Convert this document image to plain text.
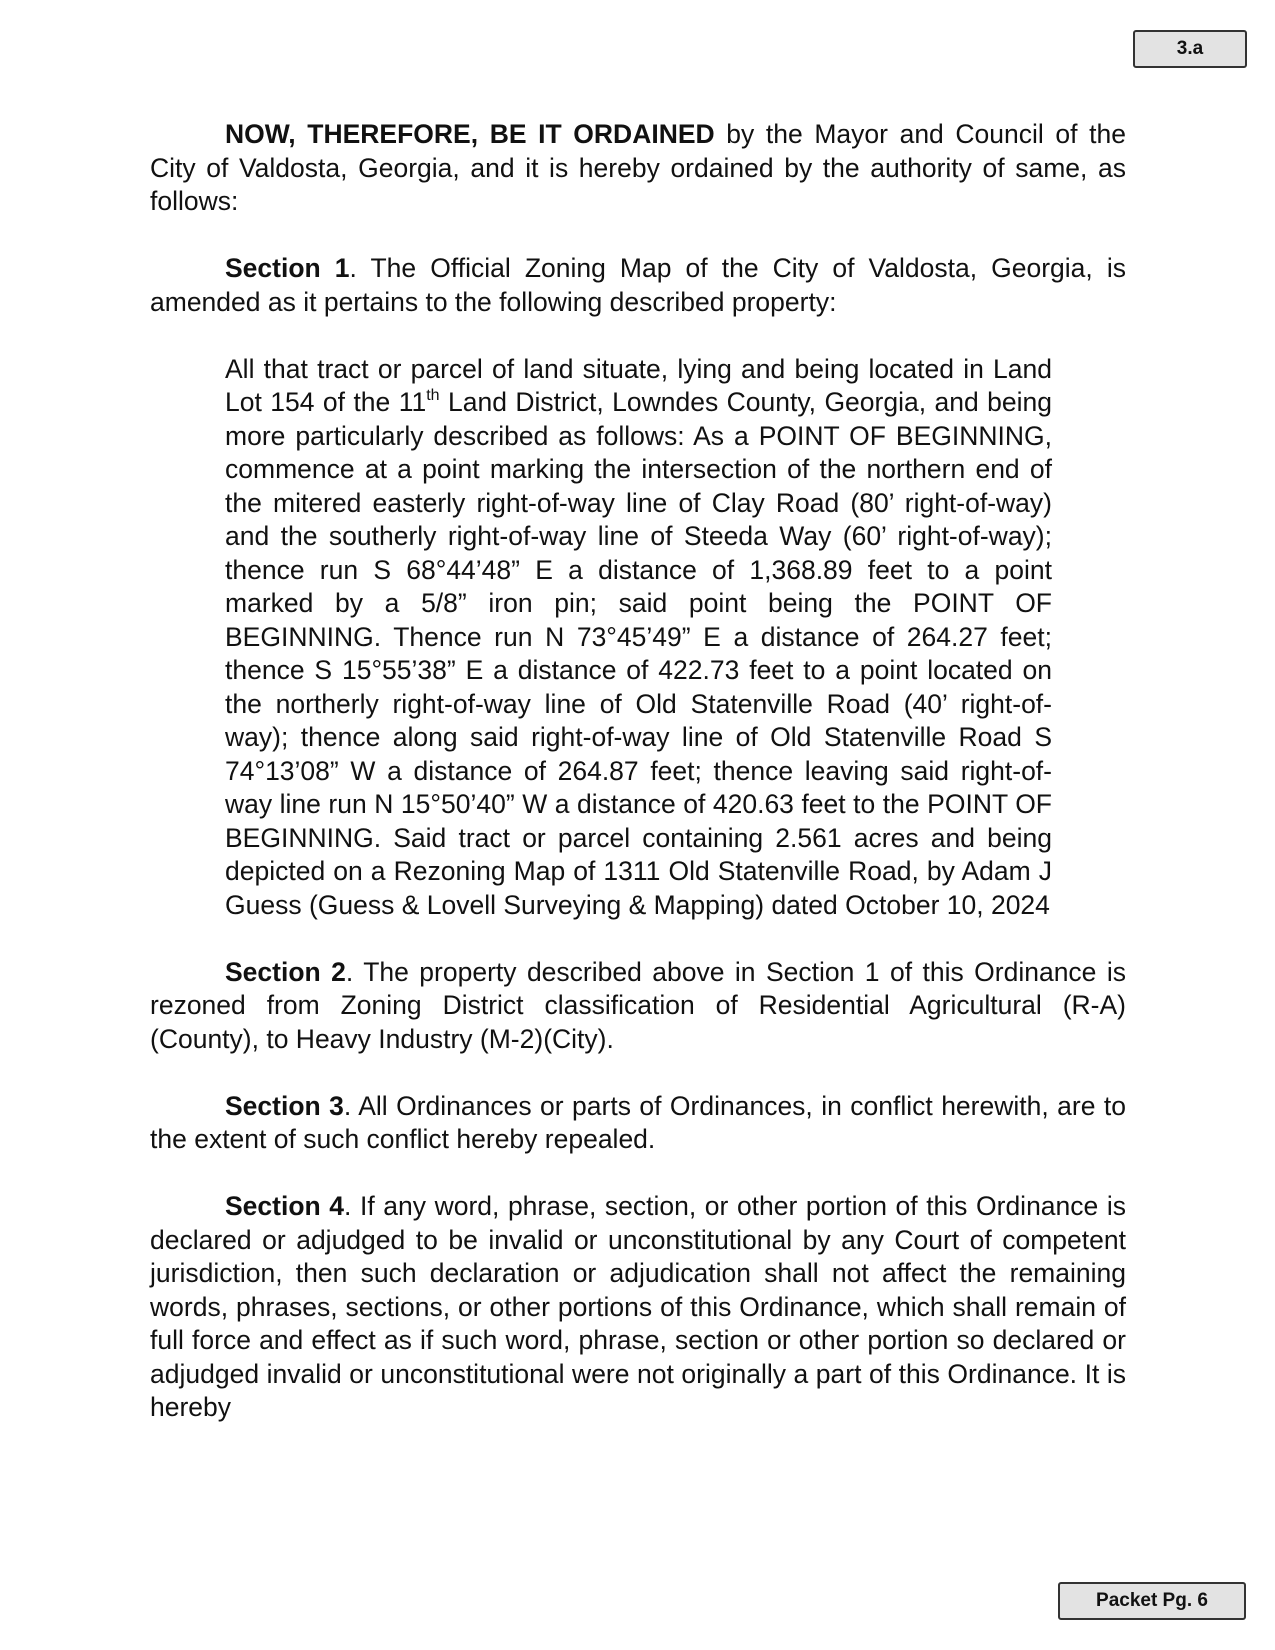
3.a

NOW, THEREFORE, BE IT ORDAINED by the Mayor and Council of the City of Valdosta, Georgia, and it is hereby ordained by the authority of same, as follows:

Section 1. The Official Zoning Map of the City of Valdosta, Georgia, is amended as it pertains to the following described property:

All that tract or parcel of land situate, lying and being located in Land Lot 154 of the 11th Land District, Lowndes County, Georgia, and being more particularly described as follows: As a POINT OF BEGINNING, commence at a point marking the intersection of the northern end of the mitered easterly right-of-way line of Clay Road (80’ right-of-way) and the southerly right-of-way line of Steeda Way (60’ right-of-way); thence run S 68°44’48” E a distance of 1,368.89 feet to a point marked by a 5/8” iron pin; said point being the POINT OF BEGINNING. Thence run N 73°45’49” E a distance of 264.27 feet; thence S 15°55’38” E a distance of 422.73 feet to a point located on the northerly right-of-way line of Old Statenville Road (40’ right-of-way); thence along said right-of-way line of Old Statenville Road S 74°13’08” W a distance of 264.87 feet; thence leaving said right-of-way line run N 15°50’40” W a distance of 420.63 feet to the POINT OF BEGINNING. Said tract or parcel containing 2.561 acres and being depicted on a Rezoning Map of 1311 Old Statenville Road, by Adam J Guess (Guess & Lovell Surveying & Mapping) dated October 10, 2024

Section 2. The property described above in Section 1 of this Ordinance is rezoned from Zoning District classification of Residential Agricultural (R-A)(County), to Heavy Industry (M-2)(City).

Section 3. All Ordinances or parts of Ordinances, in conflict herewith, are to the extent of such conflict hereby repealed.

Section 4. If any word, phrase, section, or other portion of this Ordinance is declared or adjudged to be invalid or unconstitutional by any Court of competent jurisdiction, then such declaration or adjudication shall not affect the remaining words, phrases, sections, or other portions of this Ordinance, which shall remain of full force and effect as if such word, phrase, section or other portion so declared or adjudged invalid or unconstitutional were not originally a part of this Ordinance. It is hereby

Packet Pg. 6
